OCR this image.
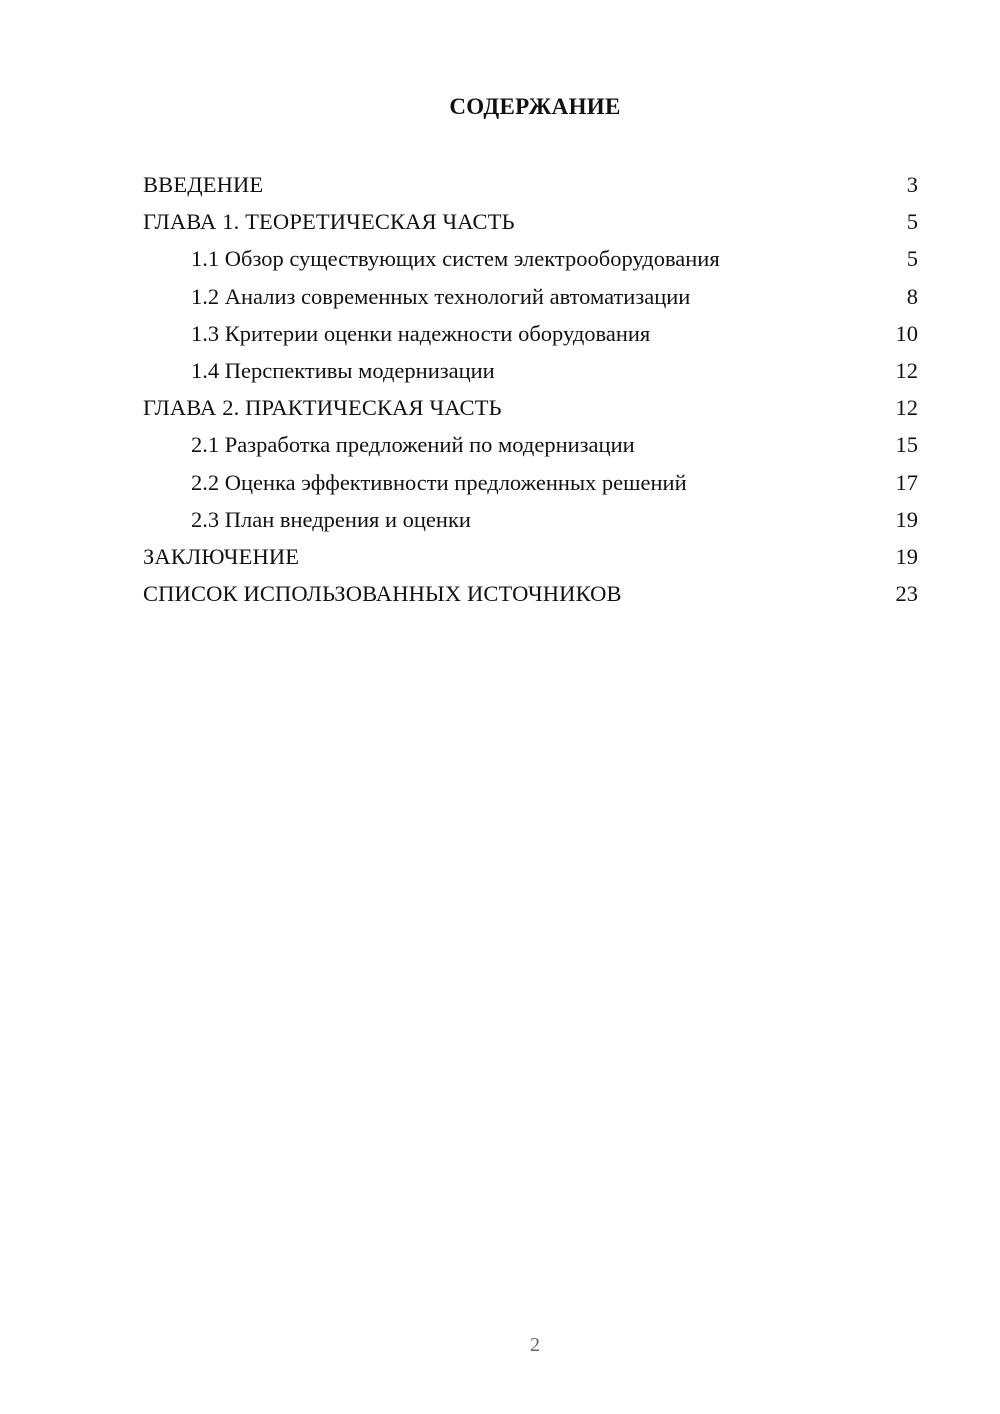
СОДЕРЖАНИЕ
ВВЕДЕНИЕ	3
ГЛАВА 1. ТЕОРЕТИЧЕСКАЯ ЧАСТЬ	5
1.1 Обзор существующих систем электрооборудования	5
1.2 Анализ современных технологий автоматизации	8
1.3 Критерии оценки надежности оборудования	10
1.4 Перспективы модернизации	12
ГЛАВА 2. ПРАКТИЧЕСКАЯ ЧАСТЬ	12
2.1 Разработка предложений по модернизации	15
2.2 Оценка эффективности предложенных решений	17
2.3 План внедрения и оценки	19
ЗАКЛЮЧЕНИЕ	19
СПИСОК ИСПОЛЬЗОВАННЫХ ИСТОЧНИКОВ	23
2
